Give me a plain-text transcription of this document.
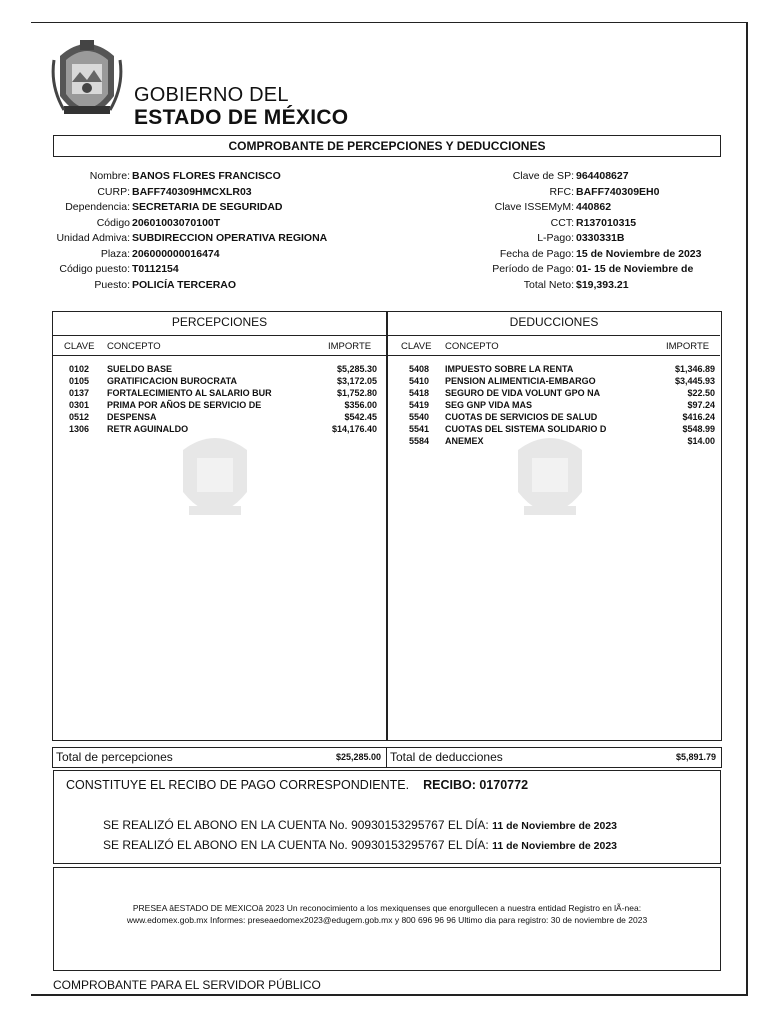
GOBIERNO DEL
ESTADO DE MÉXICO
COMPROBANTE DE PERCEPCIONES Y DEDUCCIONES
Nombre: BANOS FLORES FRANCISCO
CURP: BAFF740309HMCXLR03
Dependencia: SECRETARIA DE SEGURIDAD
Código 20601003070100T
Unidad Admiva: SUBDIRECCION OPERATIVA REGIONA
Plaza: 206000000016474
Código puesto: T0112154
Puesto: POLICÍA TERCERAO
Clave de SP: 964408627
RFC: BAFF740309EH0
Clave ISSEMyM: 440862
CCT: R137010315
L-Pago: 0330331B
Fecha de Pago: 15 de Noviembre de 2023
Período de Pago: 01- 15 de Noviembre de
Total Neto: $19,393.21
PERCEPCIONES	DEDUCCIONES
CLAVE CONCEPTO	IMPORTE	CLAVE CONCEPTO	IMPORTE
0102 SUELDO BASE	$5,285.30
0105 GRATIFICACION BUROCRATA	$3,172.05
0137 FORTALECIMIENTO AL SALARIO BUR	$1,752.80
0301 PRIMA POR AÑOS DE SERVICIO DE	$356.00
0512 DESPENSA	$542.45
1306 RETR AGUINALDO	$14,176.40
5408 IMPUESTO SOBRE LA RENTA	$1,346.89
5410 PENSION ALIMENTICIA-EMBARGO	$3,445.93
5418 SEGURO DE VIDA VOLUNT GPO NA	$22.50
5419 SEG GNP VIDA MAS	$97.24
5540 CUOTAS DE SERVICIOS DE SALUD	$416.24
5541 CUOTAS DEL SISTEMA SOLIDARIO D	$548.99
5584 ANEMEX	$14.00
Total de percepciones	$25,285.00 Total de deducciones	$5,891.79
CONSTITUYE EL RECIBO DE PAGO CORRESPONDIENTE. RECIBO: 0170772
SE REALIZÓ EL ABONO EN LA CUENTA No. 90930153295767 EL DÍA: 11 de Noviembre de 2023
SE REALIZÓ EL ABONO EN LA CUENTA No. 90930153295767 EL DÍA: 11 de Noviembre de 2023
PRESEA âESTADO DE MEXICOâ 2023 Un reconocimiento a los mexiquenses que enorgullecen a nuestra entidad Registro en lÃ-nea:
www.edomex.gob.mx Informes: preseaedomex2023@edugem.gob.mx y 800 696 96 96 Ultimo dia para registro: 30 de noviembre de 2023
COMPROBANTE PARA EL SERVIDOR PÚBLICO
